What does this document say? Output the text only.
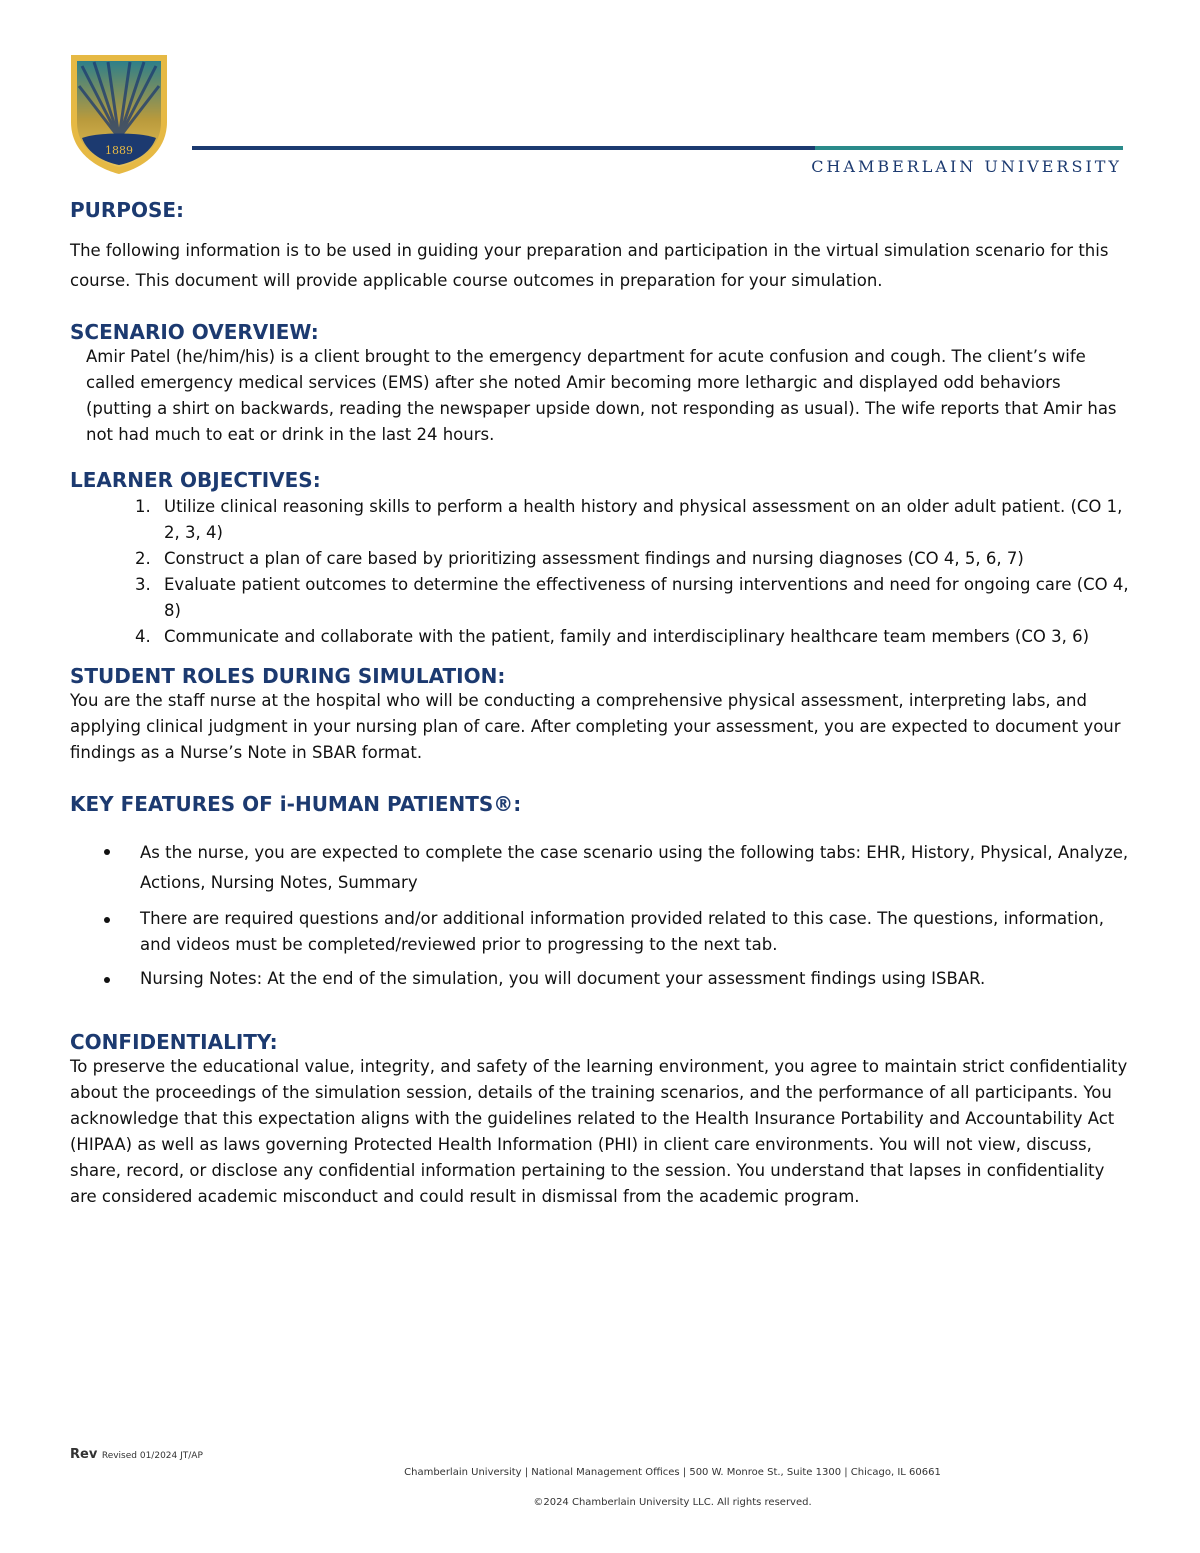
1889
CHAMBERLAIN UNIVERSITY
PURPOSE:

The following information is to be used in guiding your preparation and participation in the virtual simulation scenario for this course. This document will provide applicable course outcomes in preparation for your simulation.

SCENARIO OVERVIEW:

Amir Patel (he/him/his) is a client brought to the emergency department for acute confusion and cough. The client’s wife called emergency medical services (EMS) after she noted Amir becoming more lethargic and displayed odd behaviors (putting a shirt on backwards, reading the newspaper upside down, not responding as usual). The wife reports that Amir has not had much to eat or drink in the last 24 hours.

LEARNER OBJECTIVES:
1. Utilize clinical reasoning skills to perform a health history and physical assessment on an older adult patient. (CO 1, 2, 3, 4)
2. Construct a plan of care based by prioritizing assessment findings and nursing diagnoses (CO 4, 5, 6, 7)
3. Evaluate patient outcomes to determine the effectiveness of nursing interventions and need for ongoing care (CO 4, 8)
4. Communicate and collaborate with the patient, family and interdisciplinary healthcare team members (CO 3, 6)
STUDENT ROLES DURING SIMULATION:

You are the staff nurse at the hospital who will be conducting a comprehensive physical assessment, interpreting labs, and applying clinical judgment in your nursing plan of care. After completing your assessment, you are expected to document your findings as a Nurse’s Note in SBAR format.

KEY FEATURES OF i-HUMAN PATIENTS®:
As the nurse, you are expected to complete the case scenario using the following tabs: EHR, History, Physical, Analyze, Actions, Nursing Notes, Summary
There are required questions and/or additional information provided related to this case. The questions, information, and videos must be completed/reviewed prior to progressing to the next tab.
Nursing Notes: At the end of the simulation, you will document your assessment findings using ISBAR.
CONFIDENTIALITY:

To preserve the educational value, integrity, and safety of the learning environment, you agree to maintain strict confidentiality about the proceedings of the simulation session, details of the training scenarios, and the performance of all participants. You acknowledge that this expectation aligns with the guidelines related to the Health Insurance Portability and Accountability Act (HIPAA) as well as laws governing Protected Health Information (PHI) in client care environments. You will not view, discuss, share, record, or disclose any confidential information pertaining to the session. You understand that lapses in confidentiality are considered academic misconduct and could result in dismissal from the academic program.

Rev Revised 01/2024 JT/AP
Chamberlain University | National Management Offices | 500 W. Monroe St., Suite 1300 | Chicago, IL 60661
©2024 Chamberlain University LLC. All rights reserved.
